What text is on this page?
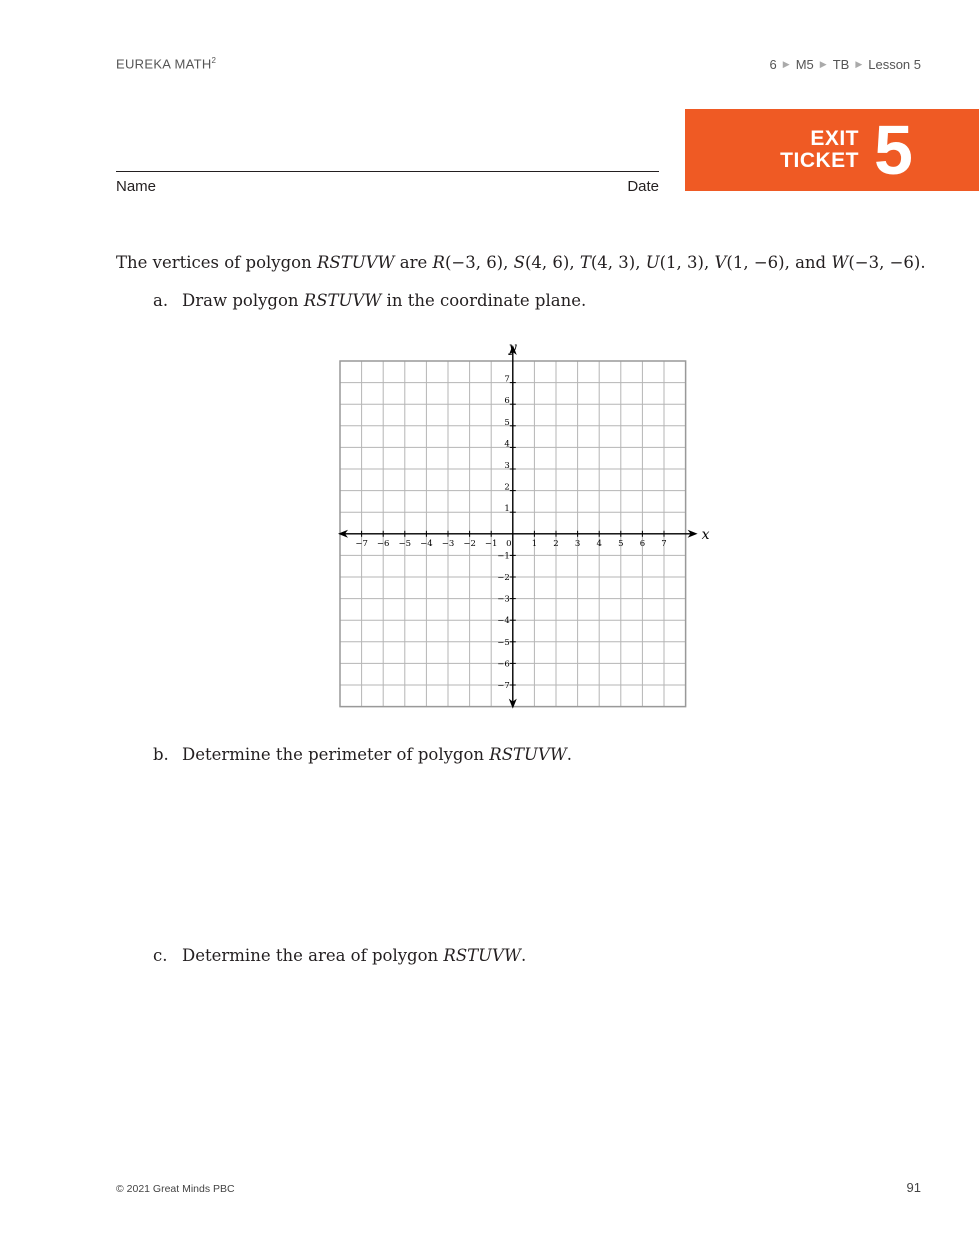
EUREKA MATH$^2$	6 ▶ M5 ▶ TB ▶ Lesson 5
EXIT
TICKET 5
Name	Date
The vertices of polygon RSTUVW are R(−3, 6), S(4, 6), T(4, 3), U(1, 3), V(1, −6), and W(−3, −6).
a. Draw polygon RSTUVW in the coordinate plane.
−7 −6 −5 −4 −3 −2 −1 0 1 2 3 4 5 6 7
7
6
5
4
3
2
1
−1
−2
−3
−4
−5
−6
−7
x
y
b. Determine the perimeter of polygon RSTUVW.
c. Determine the area of polygon RSTUVW.
© 2021 Great Minds PBC	91
